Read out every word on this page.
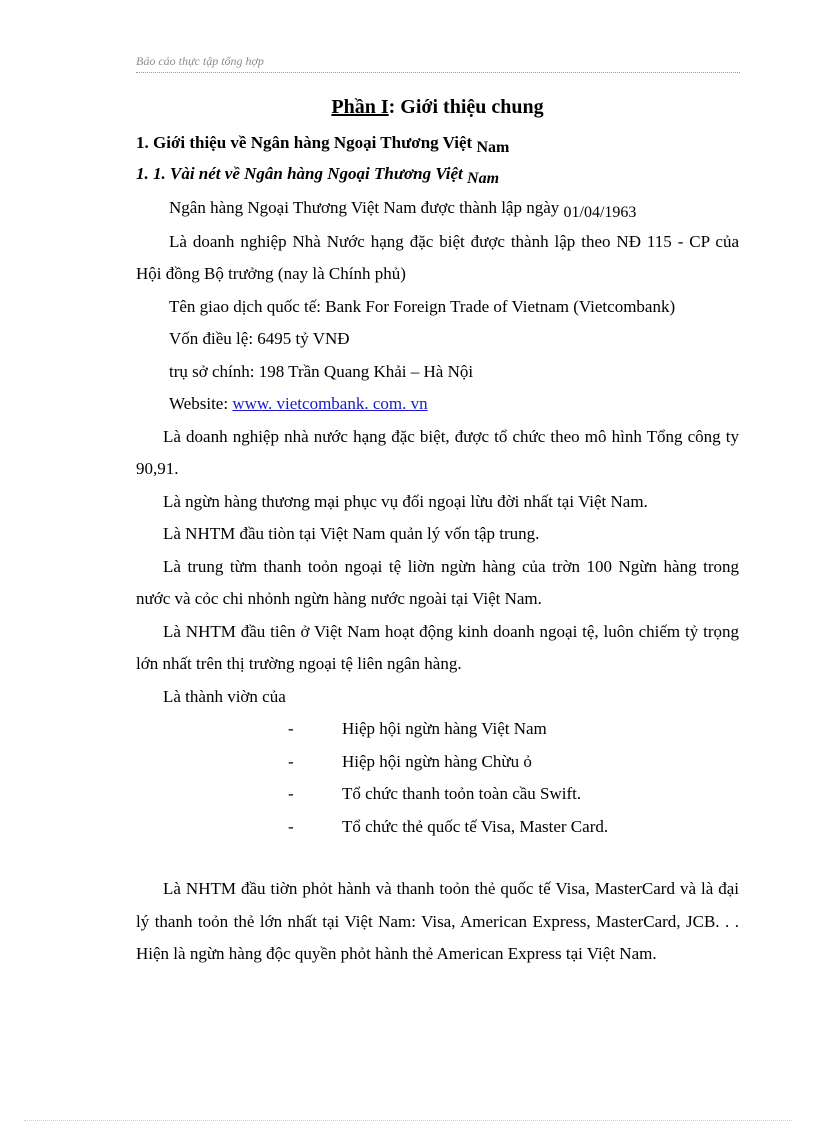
Báo cáo thực tập tổng hợp

Phần I: Giới thiệu chung

1. Giới thiệu về Ngân hàng Ngoại Thương Việt Nam

1. 1. Vài nét về Ngân hàng Ngoại Thương Việt Nam

Ngân hàng Ngoại Thương Việt Nam được thành lập ngày 01/04/1963

Là doanh nghiệp Nhà Nước hạng đặc biệt được thành lập theo NĐ 115 - CP của Hội đồng Bộ trưởng (nay là Chính phủ)

Tên giao dịch quốc tế: Bank For Foreign Trade of Vietnam (Vietcombank)

Vốn điều lệ: 6495 tỷ VNĐ

trụ sở chính: 198 Trần Quang Khải – Hà Nội

Website: www. vietcombank. com. vn

Là doanh nghiệp nhà nước hạng đặc biệt, được tổ chức theo mô hình Tổng công ty 90,91.

Là ngừn hàng thương mại phục vụ đối ngoại lừu đời nhất tại Việt Nam.

Là NHTM đầu tiòn tại Việt Nam quản lý vốn tập trung.

Là trung từm thanh toỏn ngoại tệ liờn ngừn hàng của trờn 100 Ngừn hàng trong nước và cỏc chi nhỏnh ngừn hàng nước ngoài tại Việt Nam.

Là NHTM đầu tiên ở Việt Nam hoạt động kinh doanh ngoại tệ, luôn chiếm tỷ trọng lớn nhất trên thị trường ngoại tệ liên ngân hàng.

Là thành viờn của

-	Hiệp hội ngừn hàng Việt Nam
-	Hiệp hội ngừn hàng Chừu ỏ
-	Tổ chức thanh toỏn toàn cầu Swift.
-	Tổ chức thẻ quốc tế Visa, Master Card.

Là NHTM đầu tiờn phỏt hành và thanh toỏn thẻ quốc tế Visa, MasterCard và là đại lý thanh toỏn thẻ lớn nhất tại Việt Nam: Visa, American Express, MasterCard, JCB. . . Hiện là ngừn hàng độc quyền phỏt hành thẻ American Express tại Việt Nam.
